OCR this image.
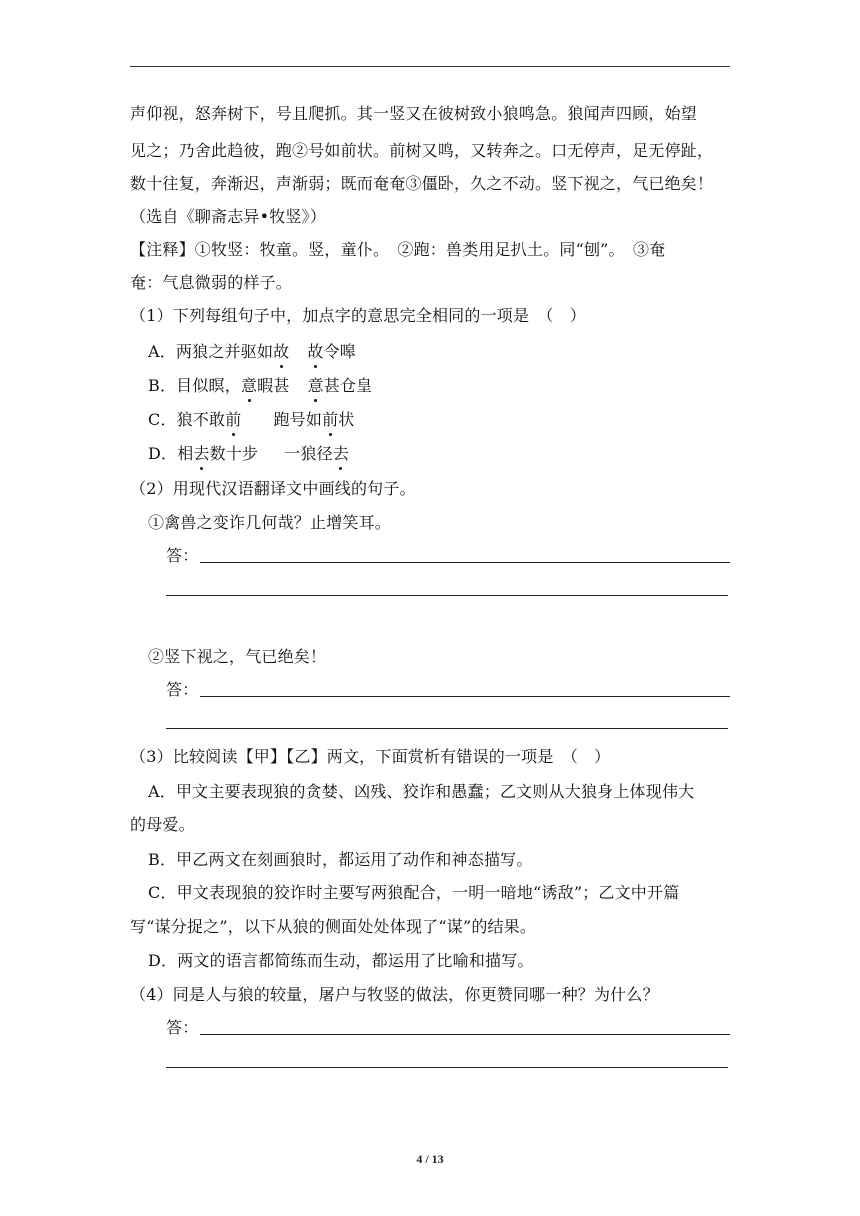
声仰视，怒奔树下，号且爬抓。其一竖又在彼树致小狼鸣急。狼闻声四顾，始望
见之；乃舍此趋彼，跑②号如前状。前树又鸣，又转奔之。口无停声，足无停趾，
数十往复，奔渐迟，声渐弱；既而奄奄③僵卧，久之不动。竖下视之，气已绝矣！
（选自《聊斋志异•牧竖》）
【注释】①牧竖：牧童。竖，童仆。　②跑：兽类用足扒土。同“刨”。　③奄
奄：气息微弱的样子。
（1）下列每组句子中，加点字的意思完全相同的一项是　（　）
A．两狼之并驱如故 故令嗥
B．目似瞑，意暇甚 意甚仓皇
C．狼不敢前 跑号如前状
D．相去数十步 一狼径去
（2）用现代汉语翻译文中画线的句子。
①禽兽之变诈几何哉？止增笑耳。
答：
②竖下视之，气已绝矣！
答：
（3）比较阅读【甲】【乙】两文，下面赏析有错误的一项是　（　）
A．甲文主要表现狼的贪婪、凶残、狡诈和愚蠢；乙文则从大狼身上体现伟大
的母爱。
B．甲乙两文在刻画狼时，都运用了动作和神态描写。
C．甲文表现狼的狡诈时主要写两狼配合，一明一暗地“诱敌”；乙文中开篇
写“谋分捉之”，以下从狼的侧面处处体现了“谋”的结果。
D．两文的语言都简练而生动，都运用了比喻和描写。
（4）同是人与狼的较量，屠户与牧竖的做法，你更赞同哪一种？为什么？
答：
4 / 13
